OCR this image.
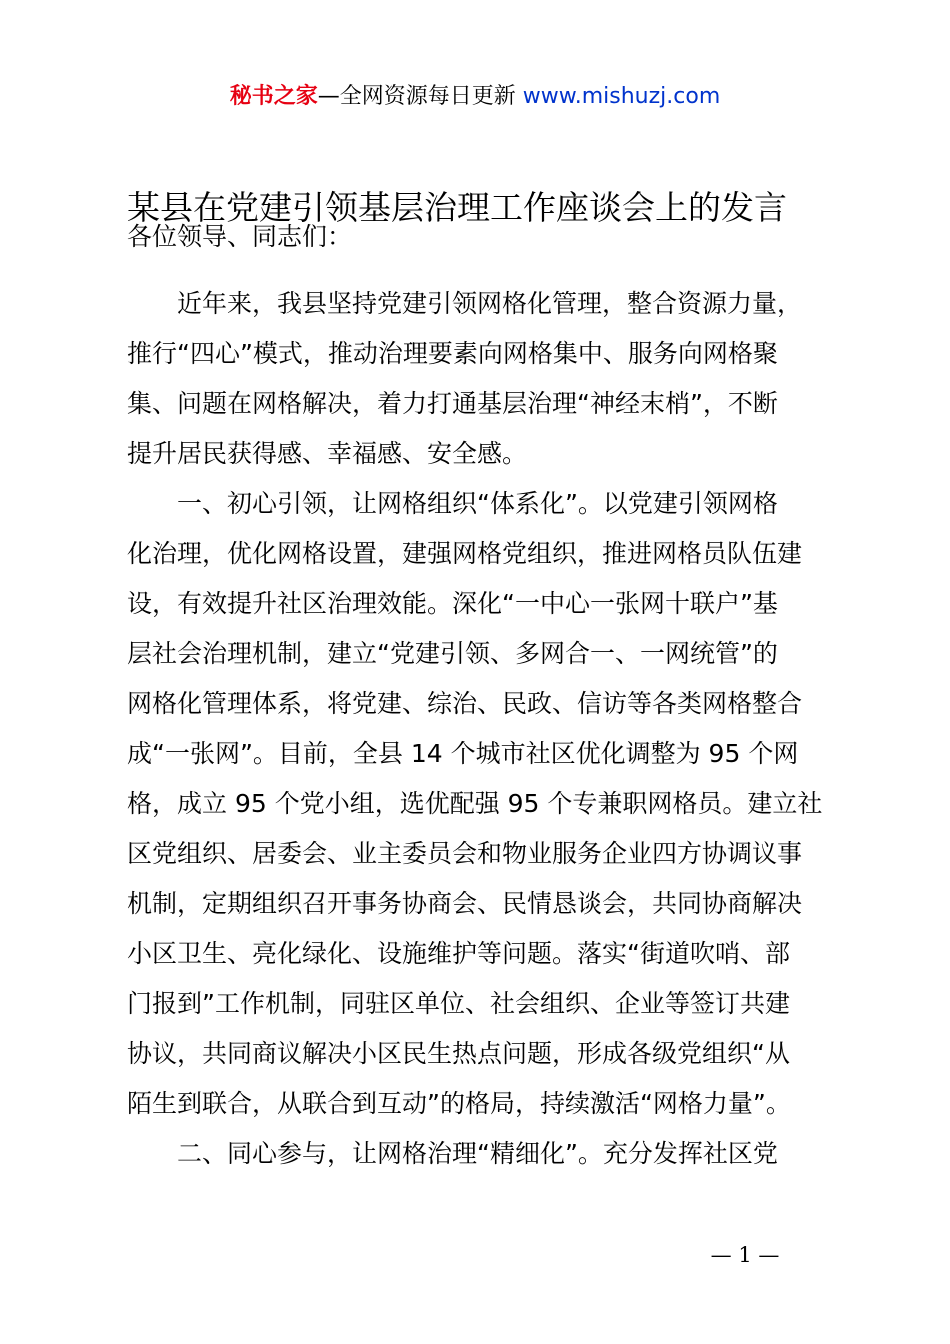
秘书之家—全网资源每日更新 www.mishuzj.com
某县在党建引领基层治理工作座谈会上的发言
各位领导、同志们：
近年来，我县坚持党建引领网格化管理，整合资源力量，
推行“四心”模式，推动治理要素向网格集中、服务向网格聚
集、问题在网格解决，着力打通基层治理“神经末梢”，不断
提升居民获得感、幸福感、安全感。
一、初心引领，让网格组织“体系化”。以党建引领网格
化治理，优化网格设置，建强网格党组织，推进网格员队伍建
设，有效提升社区治理效能。深化“一中心一张网十联户”基
层社会治理机制，建立“党建引领、多网合一、一网统管”的
网格化管理体系，将党建、综治、民政、信访等各类网格整合
成“一张网”。目前，全县 14 个城市社区优化调整为 95 个网
格，成立 95 个党小组，选优配强 95 个专兼职网格员。建立社
区党组织、居委会、业主委员会和物业服务企业四方协调议事
机制，定期组织召开事务协商会、民情恳谈会，共同协商解决
小区卫生、亮化绿化、设施维护等问题。落实“街道吹哨、部
门报到”工作机制，同驻区单位、社会组织、企业等签订共建
协议，共同商议解决小区民生热点问题，形成各级党组织“从
陌生到联合，从联合到互动”的格局，持续激活“网格力量”。
二、同心参与，让网格治理“精细化”。充分发挥社区党
— 1 —
